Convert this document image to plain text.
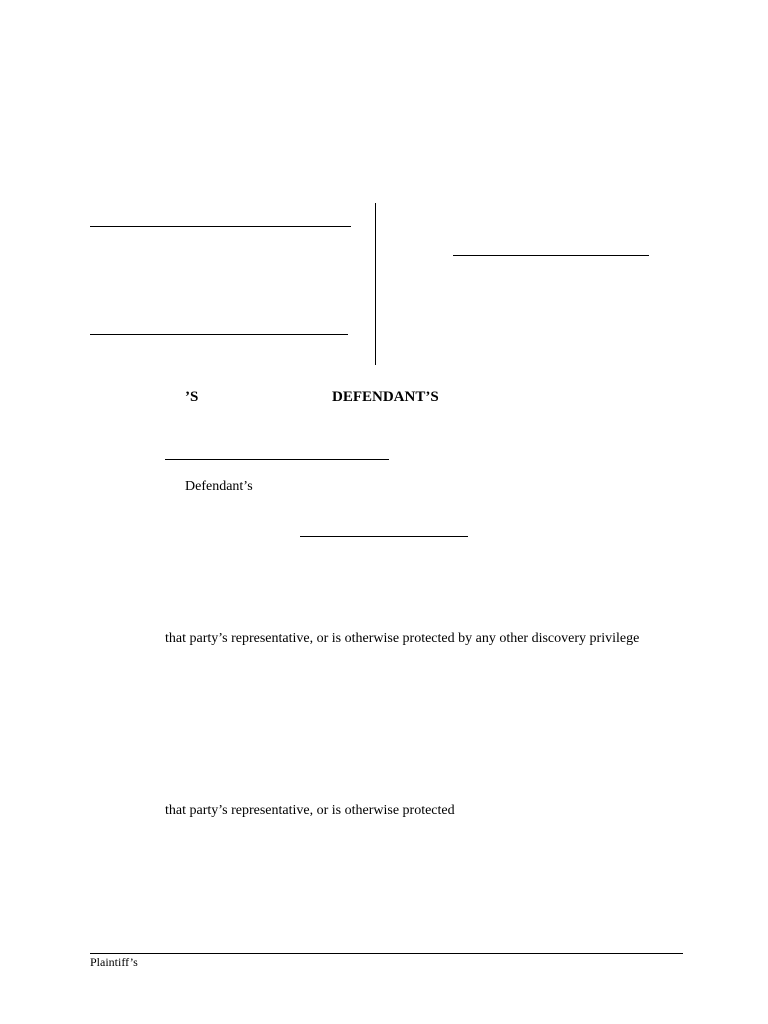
’S	DEFENDANT’S
Defendant’s
that party’s representative, or is otherwise protected by any other discovery privilege
that party’s representative, or is otherwise protected
Plaintiff’s
